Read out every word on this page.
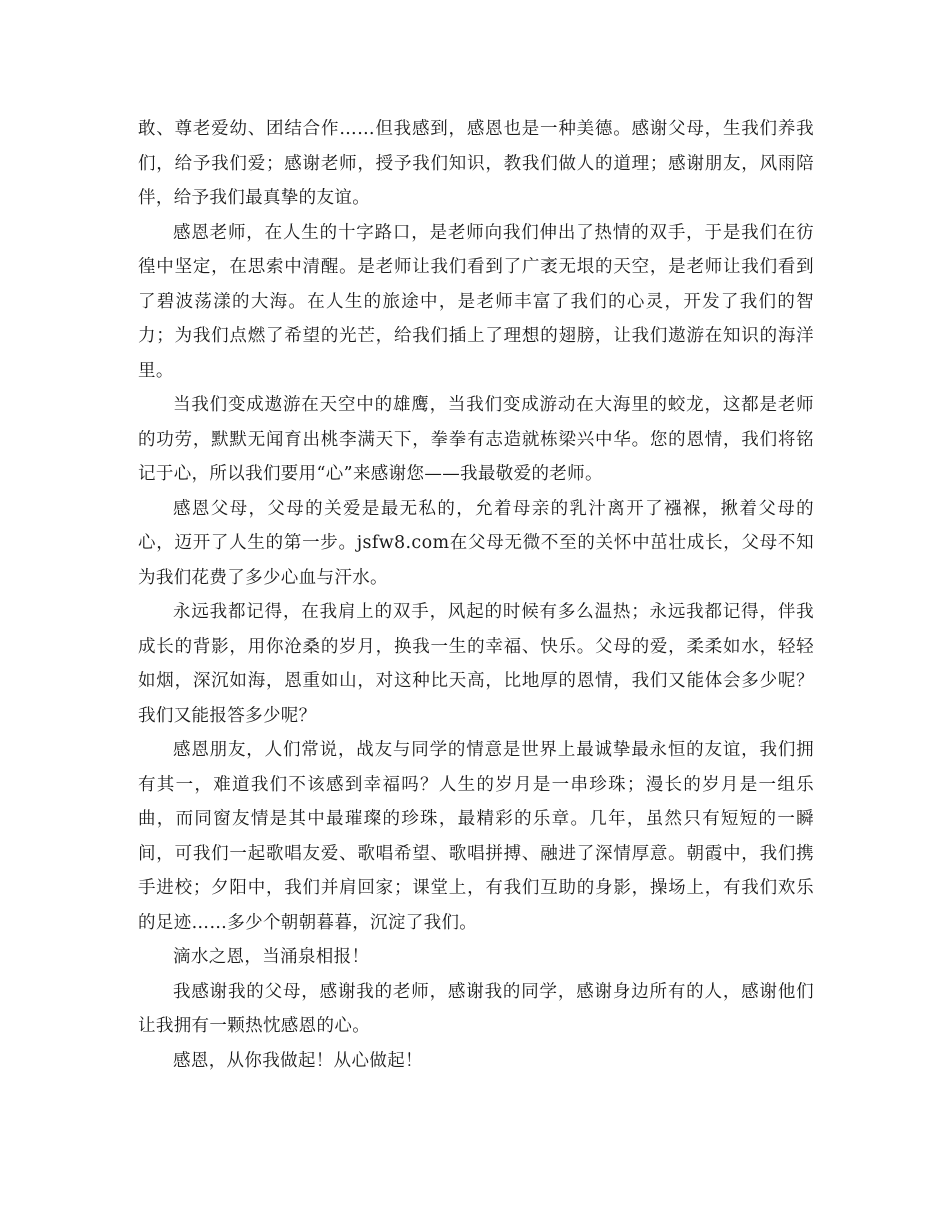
敢、尊老爱幼、团结合作……但我感到，感恩也是一种美德。感谢父母，生我们养我们，给予我们爱；感谢老师，授予我们知识，教我们做人的道理；感谢朋友，风雨陪伴，给予我们最真挚的友谊。

感恩老师，在人生的十字路口，是老师向我们伸出了热情的双手，于是我们在彷徨中坚定，在思索中清醒。是老师让我们看到了广袤无垠的天空，是老师让我们看到了碧波荡漾的大海。在人生的旅途中，是老师丰富了我们的心灵，开发了我们的智力；为我们点燃了希望的光芒，给我们插上了理想的翅膀，让我们遨游在知识的海洋里。

当我们变成遨游在天空中的雄鹰，当我们变成游动在大海里的蛟龙，这都是老师的功劳，默默无闻育出桃李满天下，拳拳有志造就栋梁兴中华。您的恩情，我们将铭记于心，所以我们要用“心”来感谢您——我最敬爱的老师。

感恩父母，父母的关爱是最无私的，允着母亲的乳汁离开了襁褓，揪着父母的心，迈开了人生的第一步。jsfw8.com在父母无微不至的关怀中茁壮成长，父母不知为我们花费了多少心血与汗水。

永远我都记得，在我肩上的双手，风起的时候有多么温热；永远我都记得，伴我成长的背影，用你沧桑的岁月，换我一生的幸福、快乐。父母的爱，柔柔如水，轻轻如烟，深沉如海，恩重如山，对这种比天高，比地厚的恩情，我们又能体会多少呢？我们又能报答多少呢？

感恩朋友，人们常说，战友与同学的情意是世界上最诚挚最永恒的友谊，我们拥有其一，难道我们不该感到幸福吗？人生的岁月是一串珍珠；漫长的岁月是一组乐曲，而同窗友情是其中最璀璨的珍珠，最精彩的乐章。几年，虽然只有短短的一瞬间，可我们一起歌唱友爱、歌唱希望、歌唱拼搏、融进了深情厚意。朝霞中，我们携手进校；夕阳中，我们并肩回家；课堂上，有我们互助的身影，操场上，有我们欢乐的足迹……多少个朝朝暮暮，沉淀了我们。

滴水之恩，当涌泉相报！

我感谢我的父母，感谢我的老师，感谢我的同学，感谢身边所有的人，感谢他们让我拥有一颗热忱感恩的心。

感恩，从你我做起！从心做起！
